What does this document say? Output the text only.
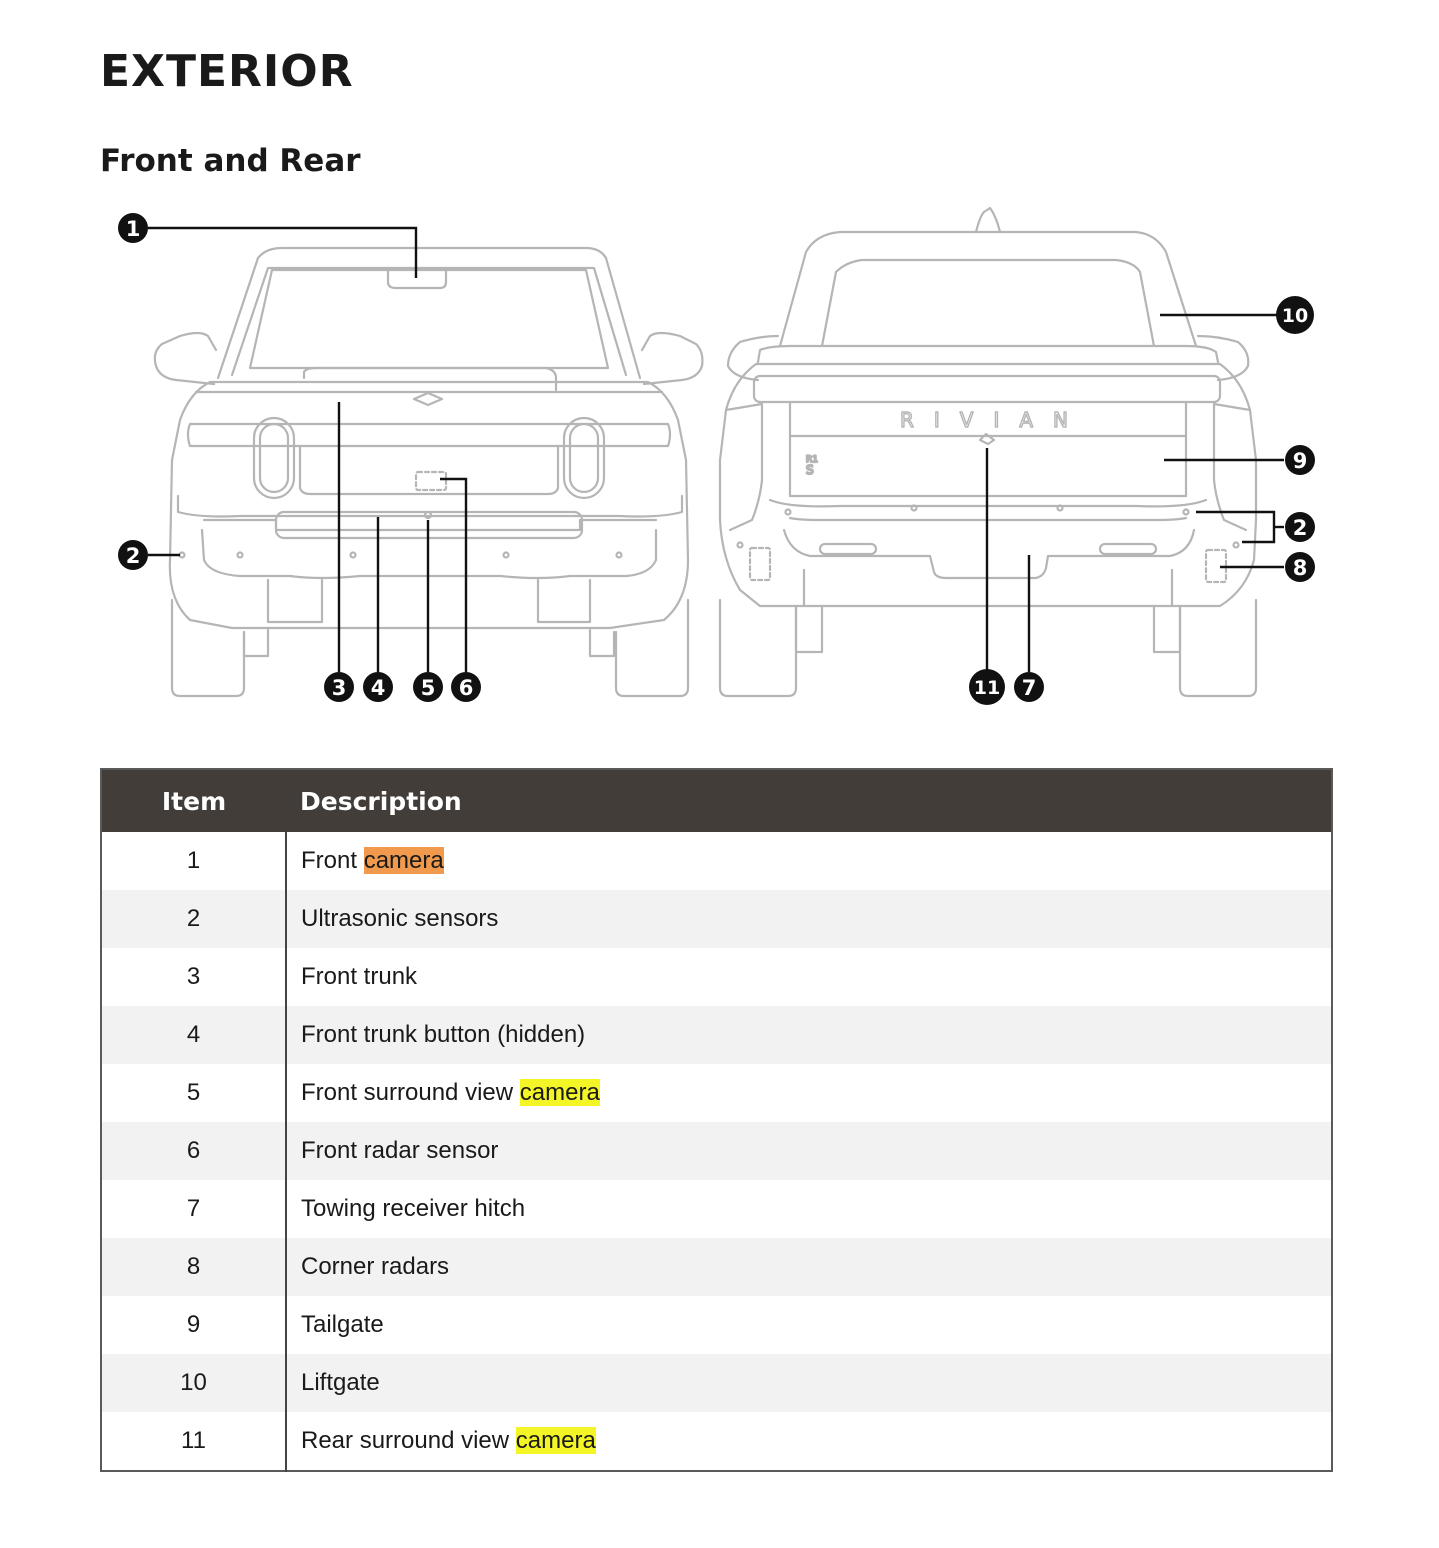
EXTERIOR
Front and Rear
RIVIAN
R1
S
1
2
3 4 5 6
10
9
2
8
11 7
Item	Description
1	Front camera
2	Ultrasonic sensors
3	Front trunk
4	Front trunk button (hidden)
5	Front surround view camera
6	Front radar sensor
7	Towing receiver hitch
8	Corner radars
9	Tailgate
10	Liftgate
11	Rear surround view camera
